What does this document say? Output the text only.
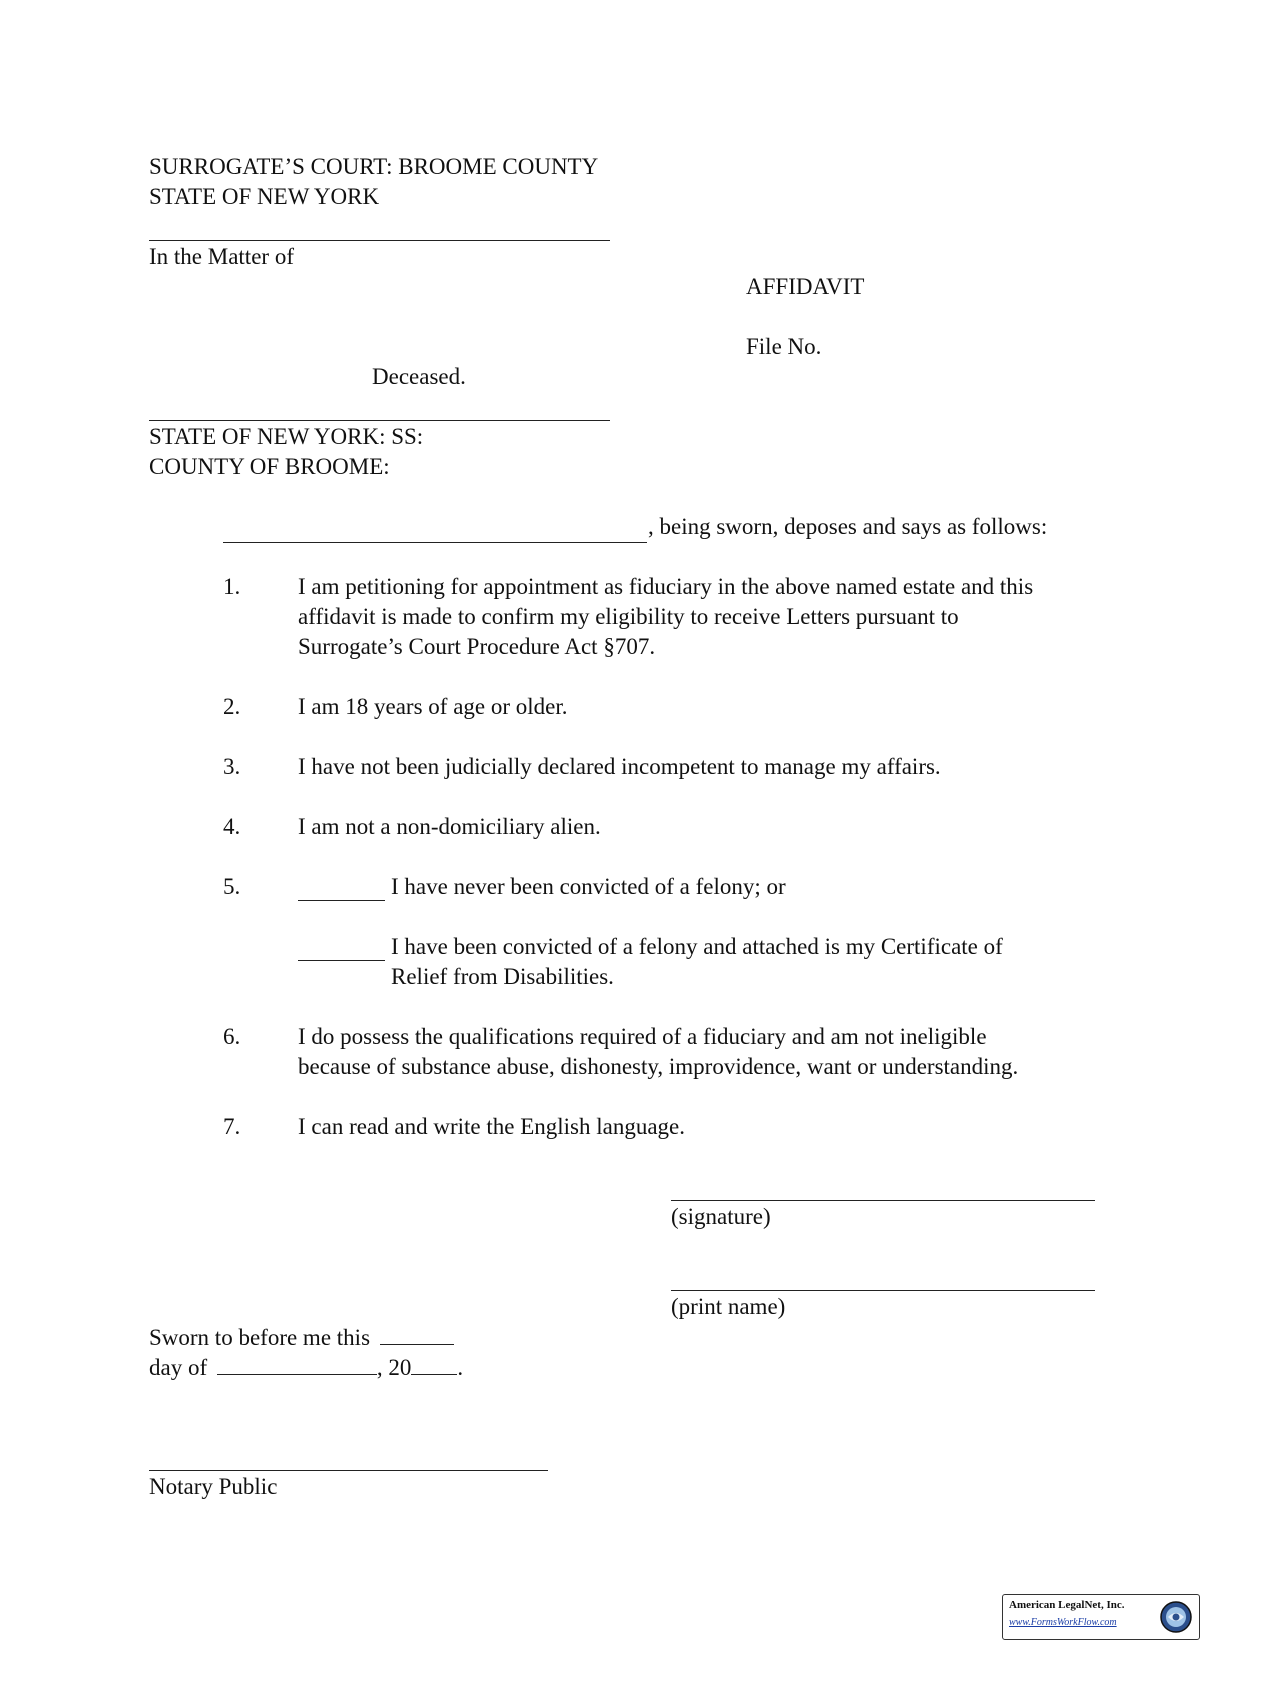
SURROGATE’S COURT: BROOME COUNTY
STATE OF NEW YORK
In the Matter of
AFFIDAVIT
File No.
Deceased.
STATE OF NEW YORK: SS:
COUNTY OF BROOME:
, being sworn, deposes and says as follows:
1.	I am petitioning for appointment as fiduciary in the above named estate and this
affidavit is made to confirm my eligibility to receive Letters pursuant to
Surrogate’s Court Procedure Act §707.
2.	I am 18 years of age or older.
3.	I have not been judicially declared incompetent to manage my affairs.
4.	I am not a non-domiciliary alien.
5.	I have never been convicted of a felony; or
I have been convicted of a felony and attached is my Certificate of
Relief from Disabilities.
6.	I do possess the qualifications required of a fiduciary and am not ineligible
because of substance abuse, dishonesty, improvidence, want or understanding.
7.	I can read and write the English language.
(signature)
(print name)
Sworn to before me this
day of	, 20 .
Notary Public
American LegalNet, Inc.
www.FormsWorkFlow.com
